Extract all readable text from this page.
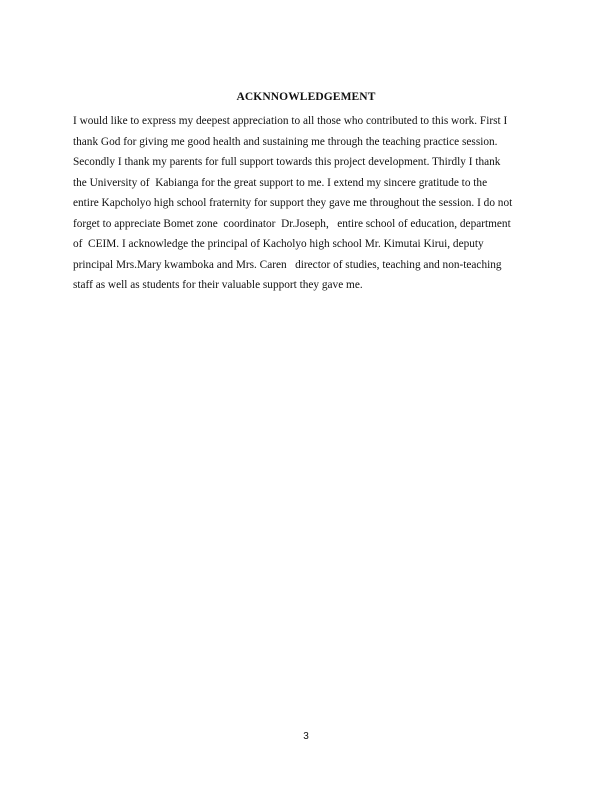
ACKNNOWLEDGEMENT
I would like to express my deepest appreciation to all those who contributed to this work. First I
thank God for giving me good health and sustaining me through the teaching practice session.
Secondly I thank my parents for full support towards this project development. Thirdly I thank
the University of  Kabianga for the great support to me. I extend my sincere gratitude to the
entire Kapcholyo high school fraternity for support they gave me throughout the session. I do not
forget to appreciate Bomet zone  coordinator  Dr.Joseph,   entire school of education, department
of  CEIM. I acknowledge the principal of Kacholyo high school Mr. Kimutai Kirui, deputy
principal Mrs.Mary kwamboka and Mrs. Caren   director of studies, teaching and non-teaching
staff as well as students for their valuable support they gave me.
3
